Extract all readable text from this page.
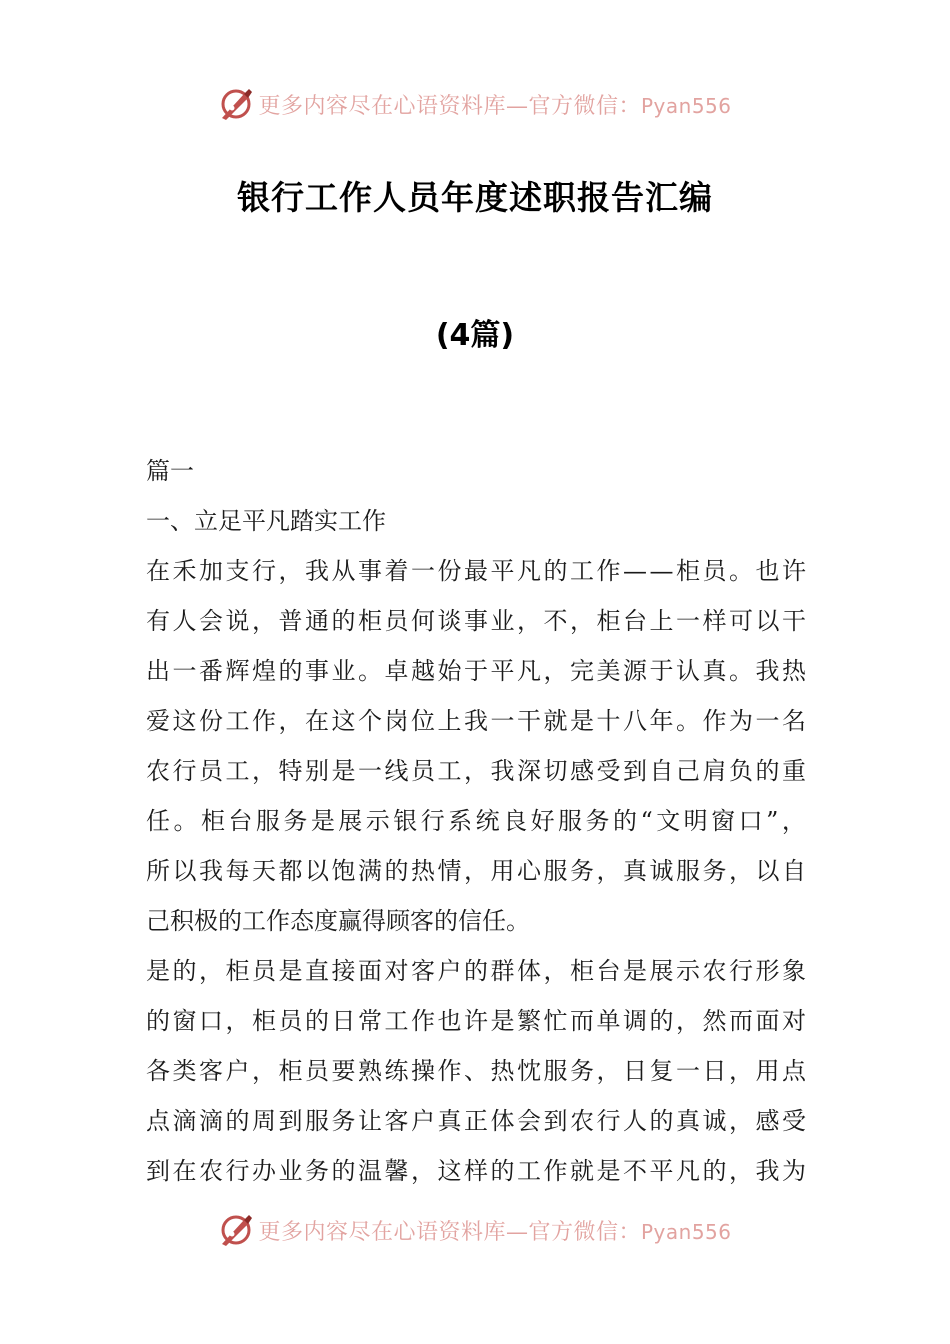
更多内容尽在心语资料库—官方微信：Pyan556
银行工作人员年度述职报告汇编
(4篇)
篇一
一、立足平凡踏实工作
在 禾 加 支 行 ， 我 从 事 着 一 份 最 平 凡 的 工 作 — — 柜 员 。 也 许
有 人 会 说 ， 普 通 的 柜 员 何 谈 事 业 ， 不 ， 柜 台 上 一 样 可 以 干
出 一 番 辉 煌 的 事 业 。 卓 越 始 于 平 凡 ， 完 美 源 于 认 真 。 我 热
爱 这 份 工 作 ， 在 这 个 岗 位 上 我 一 干 就 是 十 八 年 。 作 为 一 名
农 行 员 工 ， 特 别 是 一 线 员 工 ， 我 深 切 感 受 到 自 己 肩 负 的 重
任 。 柜 台 服 务 是 展 示 银 行 系 统 良 好 服 务 的 “ 文 明 窗 口 ” ，
所 以 我 每 天 都 以 饱 满 的 热 情 ， 用 心 服 务 ， 真 诚 服 务 ， 以 自
己积极的工作态度赢得顾客的信任。
是 的 ， 柜 员 是 直 接 面 对 客 户 的 群 体 ， 柜 台 是 展 示 农 行 形 象
的 窗 口 ， 柜 员 的 日 常 工 作 也 许 是 繁 忙 而 单 调 的 ， 然 而 面 对
各 类 客 户 ， 柜 员 要 熟 练 操 作 、 热 忱 服 务 ， 日 复 一 日 ， 用 点
点 滴 滴 的 周 到 服 务 让 客 户 真 正 体 会 到 农 行 人 的 真 诚 ， 感 受
到 在 农 行 办 业 务 的 温 馨 ， 这 样 的 工 作 就 是 不 平 凡 的 ， 我 为
更多内容尽在心语资料库—官方微信：Pyan556
